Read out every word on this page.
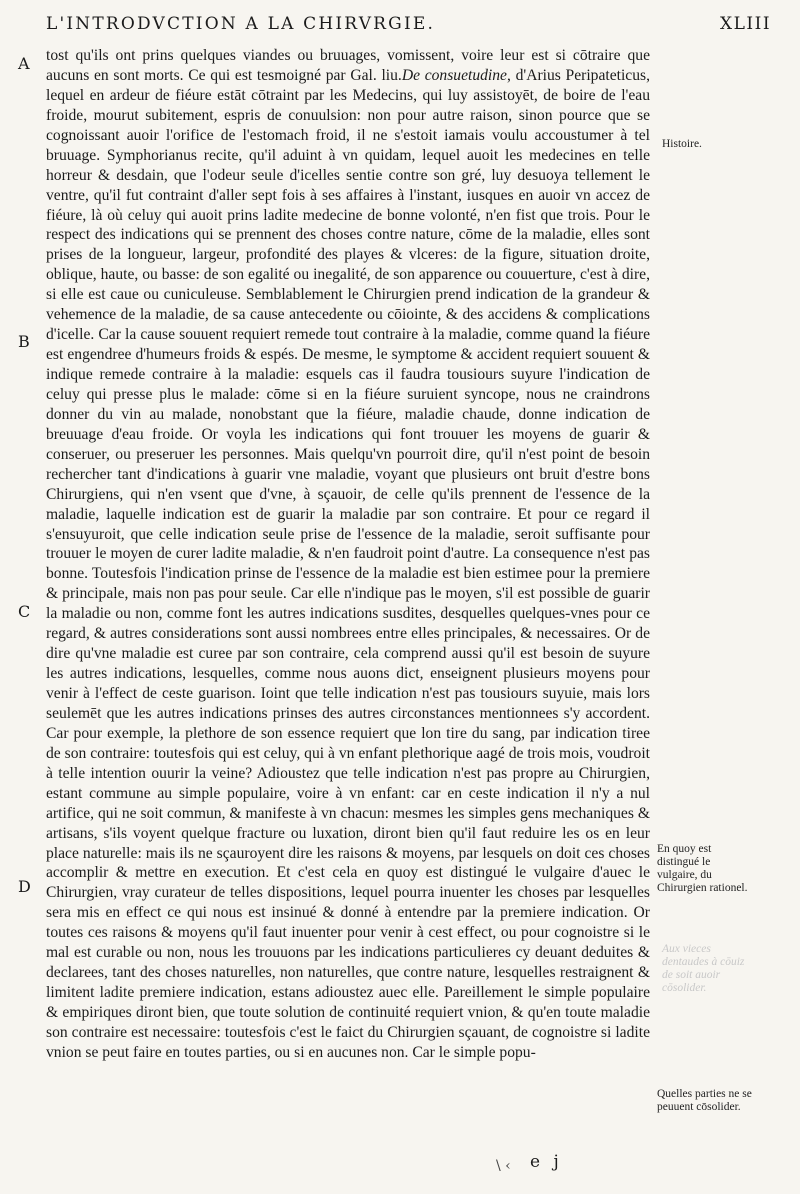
L'INTRODVCTION A LA CHIRVRGIE.	XLIII
A
B
C
D
tost qu'ils ont prins quelques viandes ou bruuages, vomissent, voire leur est si cōtraire que aucuns en sont morts. Ce qui est tesmoigné par Gal. liu.De consuetudine, d'Arius Peripateticus, lequel en ardeur de fiéure estāt cōtraint par les Medecins, qui luy assistoyēt, de boire de l'eau froide, mourut subitement, espris de conuulsion: non pour autre raison, sinon pource que se cognoissant auoir l'orifice de l'estomach froid, il ne s'estoit iamais voulu accoustumer à tel bruuage. Symphorianus recite, qu'il aduint à vn quidam, lequel auoit les medecines en telle horreur & desdain, que l'odeur seule d'icelles sentie contre son gré, luy desuoya tellement le ventre, qu'il fut contraint d'aller sept fois à ses affaires à l'instant, iusques en auoir vn accez de fiéure, là où celuy qui auoit prins ladite medecine de bonne volonté, n'en fist que trois. Pour le respect des indications qui se prennent des choses contre nature, cōme de la maladie, elles sont prises de la longueur, largeur, profondité des playes & vlceres: de la figure, situation droite, oblique, haute, ou basse: de son egalité ou inegalité, de son apparence ou couuerture, c'est à dire, si elle est caue ou cuniculeuse. Semblablement le Chirurgien prend indication de la grandeur & vehemence de la maladie, de sa cause antecedente ou cōiointe, & des accidens & complications d'icelle. Car la cause souuent requiert remede tout contraire à la maladie, comme quand la fiéure est engendree d'humeurs froids & espés. De mesme, le symptome & accident requiert souuent & indique remede contraire à la maladie: esquels cas il faudra tousiours suyure l'indication de celuy qui presse plus le malade: cōme si en la fiéure suruient syncope, nous ne craindrons donner du vin au malade, nonobstant que la fiéure, maladie chaude, donne indication de breuuage d'eau froide. Or voyla les indications qui font trouuer les moyens de guarir & conseruer, ou preseruer les personnes. Mais quelqu'vn pourroit dire, qu'il n'est point de besoin rechercher tant d'indications à guarir vne maladie, voyant que plusieurs ont bruit d'estre bons Chirurgiens, qui n'en vsent que d'vne, à sçauoir, de celle qu'ils prennent de l'essence de la maladie, laquelle indication est de guarir la maladie par son contraire. Et pour ce regard il s'ensuyuroit, que celle indication seule prise de l'essence de la maladie, seroit suffisante pour trouuer le moyen de curer ladite maladie, & n'en faudroit point d'autre. La consequence n'est pas bonne. Toutesfois l'indication prinse de l'essence de la maladie est bien estimee pour la premiere & principale, mais non pas pour seule. Car elle n'indique pas le moyen, s'il est possible de guarir la maladie ou non, comme font les autres indications susdites, desquelles quelques-vnes pour ce regard, & autres considerations sont aussi nombrees entre elles principales, & necessaires. Or de dire qu'vne maladie est curee par son contraire, cela comprend aussi qu'il est besoin de suyure les autres indications, lesquelles, comme nous auons dict, enseignent plusieurs moyens pour venir à l'effect de ceste guarison. Ioint que telle indication n'est pas tousiours suyuie, mais lors seulemēt que les autres indications prinses des autres circonstances mentionnees s'y accordent. Car pour exemple, la plethore de son essence requiert que lon tire du sang, par indication tiree de son contraire: toutesfois qui est celuy, qui à vn enfant plethorique aagé de trois mois, voudroit à telle intention ouurir la veine? Adioustez que telle indication n'est pas propre au Chirurgien, estant commune au simple populaire, voire à vn enfant: car en ceste indication il n'y a nul artifice, qui ne soit commun, & manifeste à vn chacun: mesmes les simples gens mechaniques & artisans, s'ils voyent quelque fracture ou luxation, diront bien qu'il faut reduire les os en leur place naturelle: mais ils ne sçauroyent dire les raisons & moyens, par lesquels on doit ces choses accomplir & mettre en execution. Et c'est cela en quoy est distingué le vulgaire d'auec le Chirurgien, vray curateur de telles dispositions, lequel pourra inuenter les choses par lesquelles sera mis en effect ce qui nous est insinué & donné à entendre par la premiere indication. Or toutes ces raisons & moyens qu'il faut inuenter pour venir à cest effect, ou pour cognoistre si le mal est curable ou non, nous les trouuons par les indications particulieres cy deuant deduites & declarees, tant des choses naturelles, non naturelles, que contre nature, lesquelles restraignent & limitent ladite premiere indication, estans adioustez auec elle. Pareillement le simple populaire & empiriques diront bien, que toute solution de continuité requiert vnion, & qu'en toute maladie son contraire est necessaire: toutesfois c'est le faict du Chirurgien sçauant, de cognoistre si ladite vnion se peut faire en toutes parties, ou si en aucunes non. Car le simple popu-
Histoire.
En quoy est distingué le vulgaire, du Chirurgien rationel.
Aux vieces dentaudes à cōuiz de soit auoir cōsolider.
Quelles parties ne se peuuent cōsolider.
\ ‹ e j
